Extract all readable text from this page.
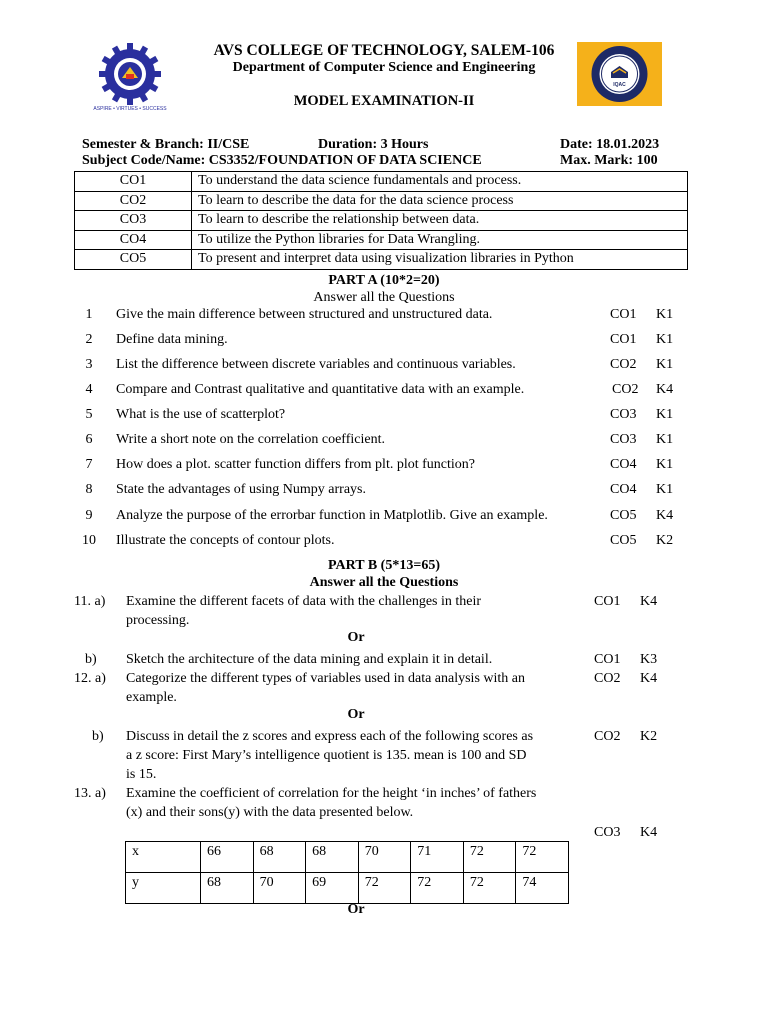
ASPIRE • VIRTUES • SUCCESS
IQAC
AVS COLLEGE OF TECHNOLOGY, SALEM-106
Department of Computer Science and Engineering
MODEL EXAMINATION-II
Semester & Branch: II/CSE	Duration: 3 Hours	Date: 18.01.2023
Subject Code/Name: CS3352/FOUNDATION OF DATA SCIENCE	Max. Mark: 100
CO1	To understand the data science fundamentals and process.
CO2	To learn to describe the data for the data science process
CO3	To learn to describe the relationship between data.
CO4	To utilize the Python libraries for Data Wrangling.
CO5	To present and interpret data using visualization libraries in Python
PART A (10*2=20)
Answer all the Questions
1	Give the main difference between structured and unstructured data.	CO1 K1
2	Define data mining.	CO1 K1
3	List the difference between discrete variables and continuous variables.	CO2 K1
4	Compare and Contrast qualitative and quantitative data with an example.	CO2 K4
5	What is the use of scatterplot?	CO3 K1
6	Write a short note on the correlation coefficient.	CO3 K1
7	How does a plot. scatter function differs from plt. plot function?	CO4 K1
8	State the advantages of using Numpy arrays.	CO4 K1
9	Analyze the purpose of the errorbar function in Matplotlib. Give an example.	CO5 K4
10 Illustrate the concepts of contour plots.	CO5 K2
PART B (5*13=65)
Answer all the Questions
11. a) Examine the different facets of data with the challenges in their
processing.
CO1 K4
Or
b) Sketch the architecture of the data mining and explain it in detail.	CO1 K3
12. a) Categorize the different types of variables used in data analysis with an
example.
CO2 K4
Or
b) Discuss in detail the z scores and express each of the following scores as
a z score: First Mary’s intelligence quotient is 135. mean is 100 and SD
is 15.
CO2 K2
13. a) Examine the coefficient of correlation for the height ‘in inches’ of fathers
(x) and their sons(y) with the data presented below.
CO3 K4
x	66	68	68	70	71	72	72
y	68	70	69	72	72	72	74
Or
